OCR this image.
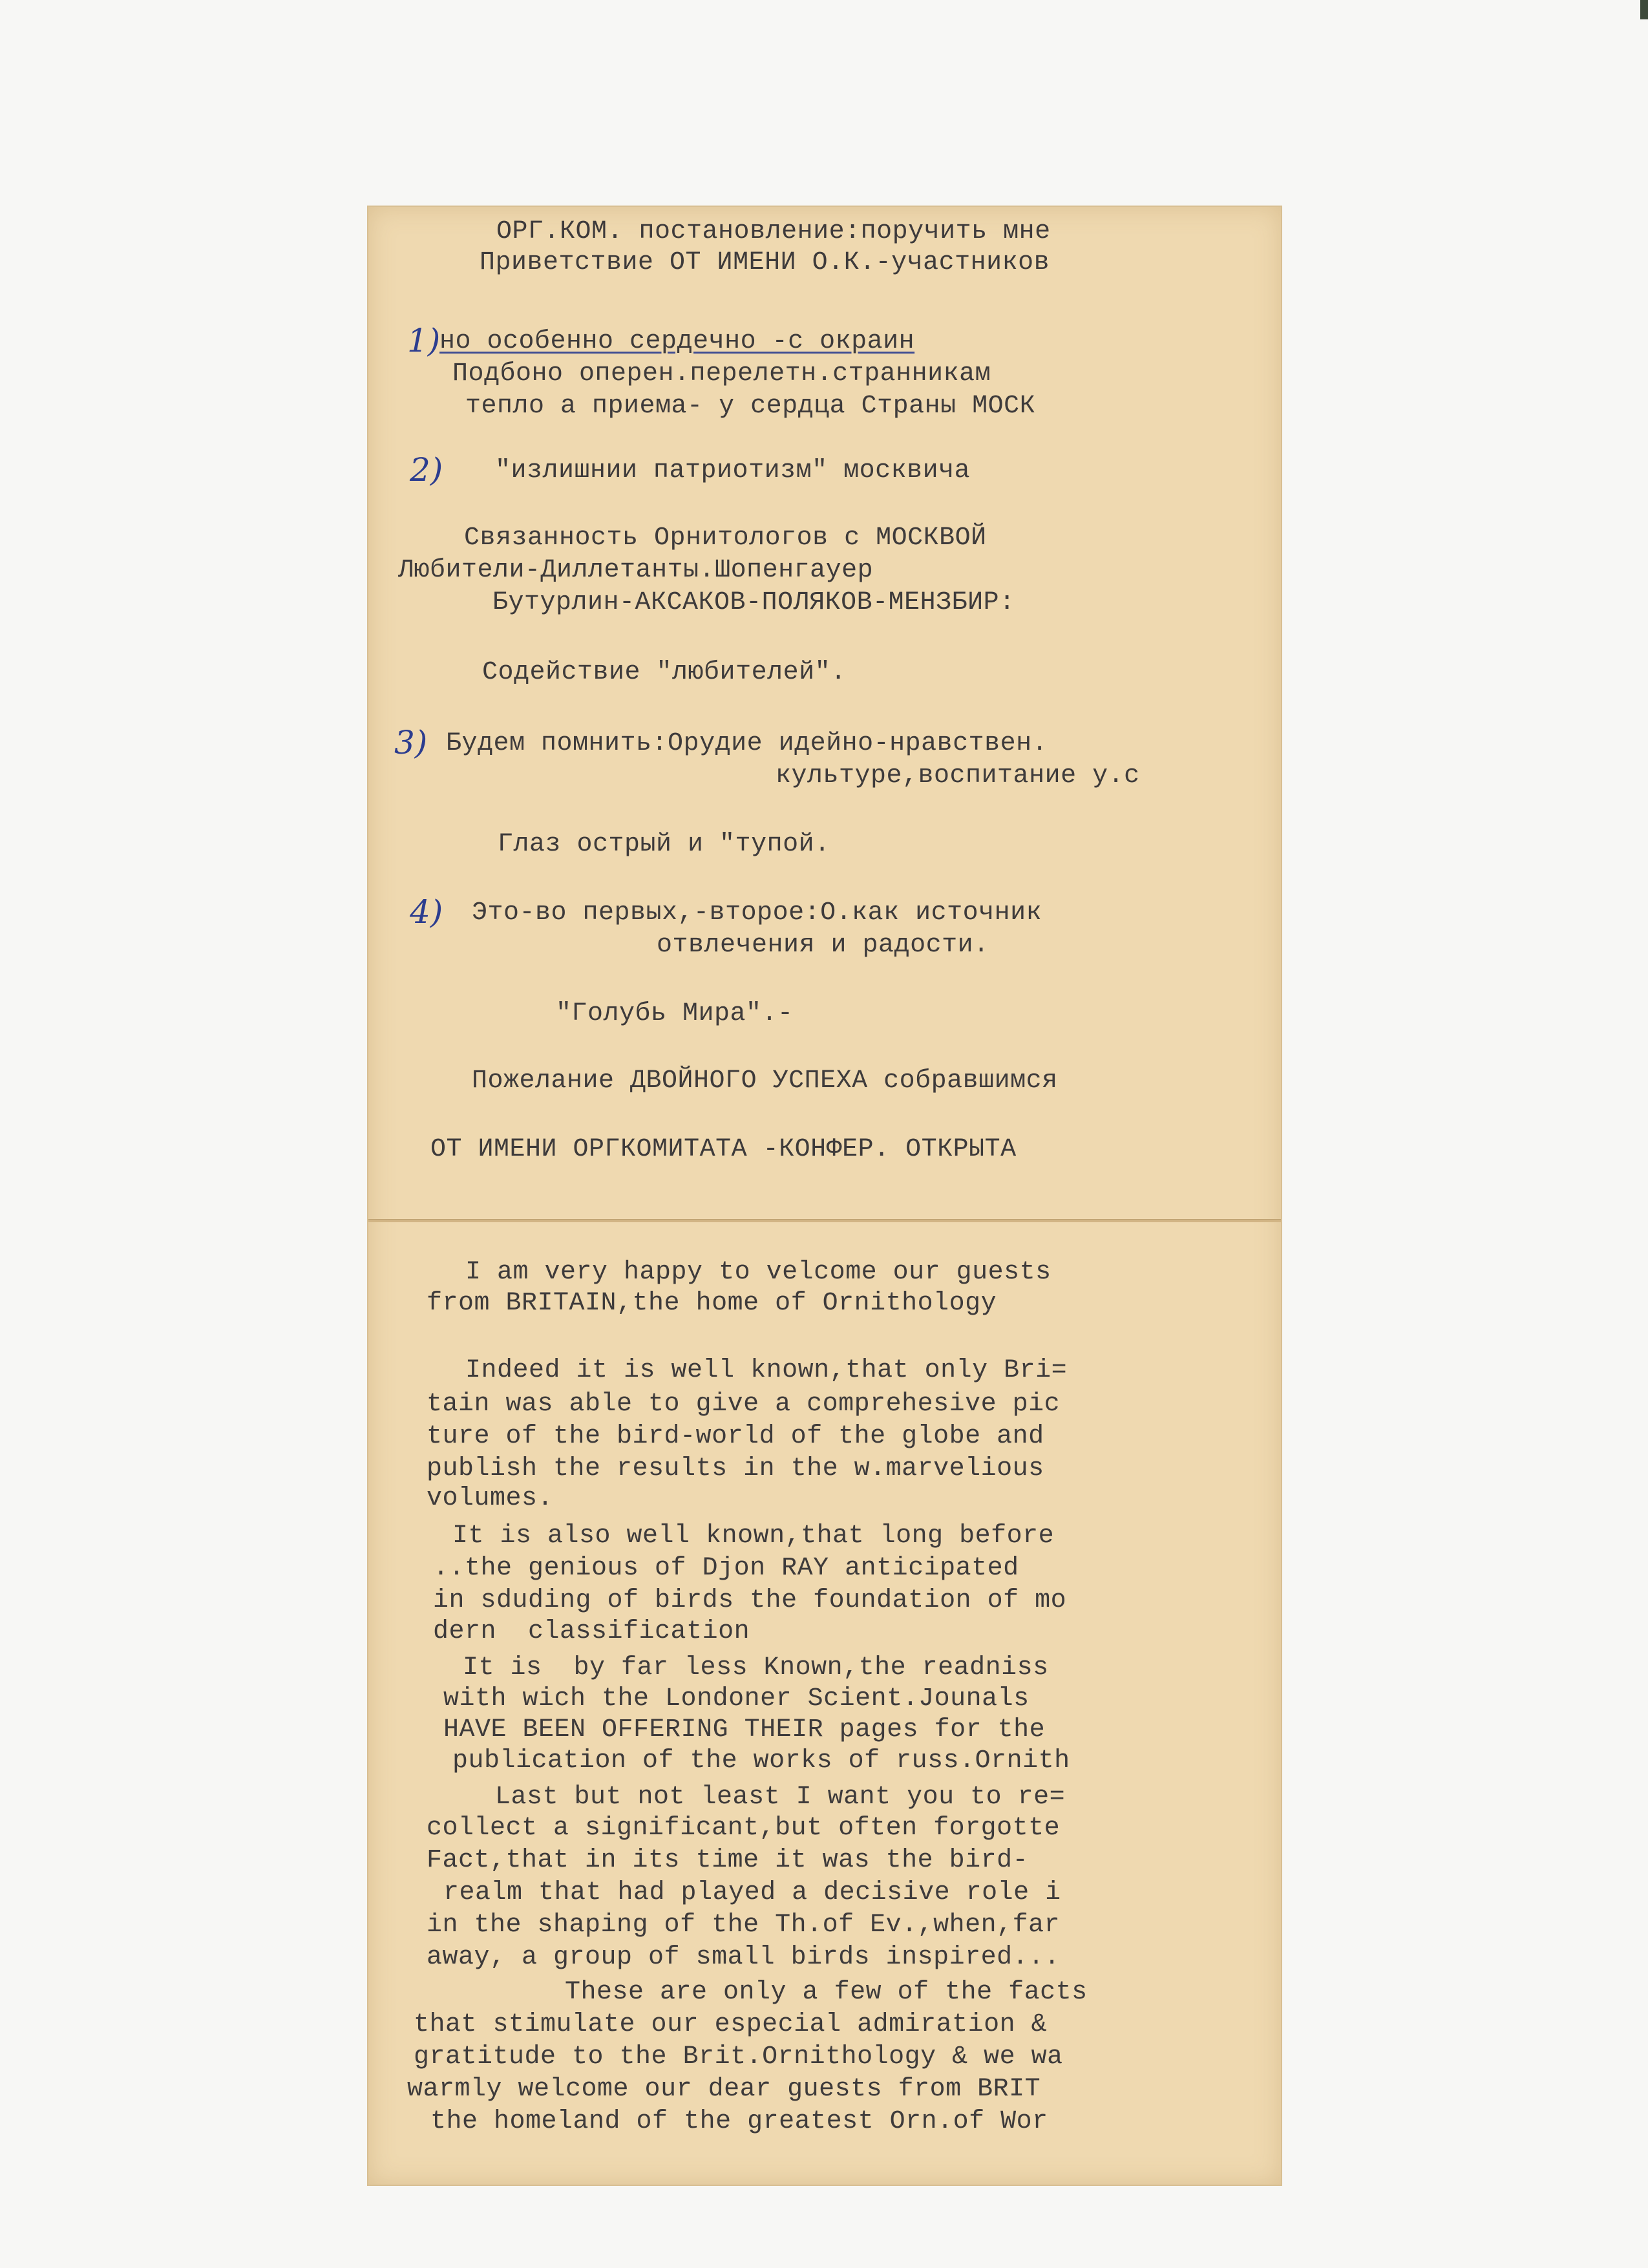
ОРГ.КОМ. постановление:поручить мне
Приветствие ОТ ИМЕНИ О.К.-участников
1)
но особенно сердечно -с окраин
Подбоно оперен.перелетн.странникам
тепло а приема- у сердца Страны МОСК
2) "излишнии патриотизм" москвича
Связанность Орнитологов с МОСКВОЙ
Любители-Диллетанты.Шопенгауер
Бутурлин-АКСАКОВ-ПОЛЯКОВ-МЕНЗБИР:
Содействие "любителей".
3) Будем помнить:Орудие идейно-нравствен.
культуре,воспитание у.с
Глаз острый и "тупой.
4) Это-во первых,-второе:О.как источник
отвлечения и радости.
"Голубь Мира".-
Пожелание ДВОЙНОГО УСПЕХА собравшимся
ОТ ИМЕНИ ОРГКОМИТАТА -КОНФЕР. ОТКРЫТА
I am very happy to velcome our guests
from BRITAIN,the home of Ornithology
Indeed it is well known,that only Bri=
tain was able to give a comprehesive pic
ture of the bird-world of the globe and
publish the results in the w.marvelious
volumes.
It is also well known,that long before
..the genious of Djon RAY anticipated
in sduding of birds the foundation of mo
dern  classification
It is  by far less Known,the readniss
with wich the Londoner Scient.Jounals
HAVE BEEN OFFERING THEIR pages for the
publication of the works of russ.Ornith
Last but not least I want you to re=
collect a significant,but often forgotte
Fact,that in its time it was the bird-
realm that had played a decisive role i
in the shaping of the Th.of Ev.,when,far
away, a group of small birds inspired...
These are only a few of the facts
that stimulate our especial admiration &
gratitude to the Brit.Ornithology & we wa
warmly welcome our dear guests from BRIT
the homeland of the greatest Orn.of Wor
